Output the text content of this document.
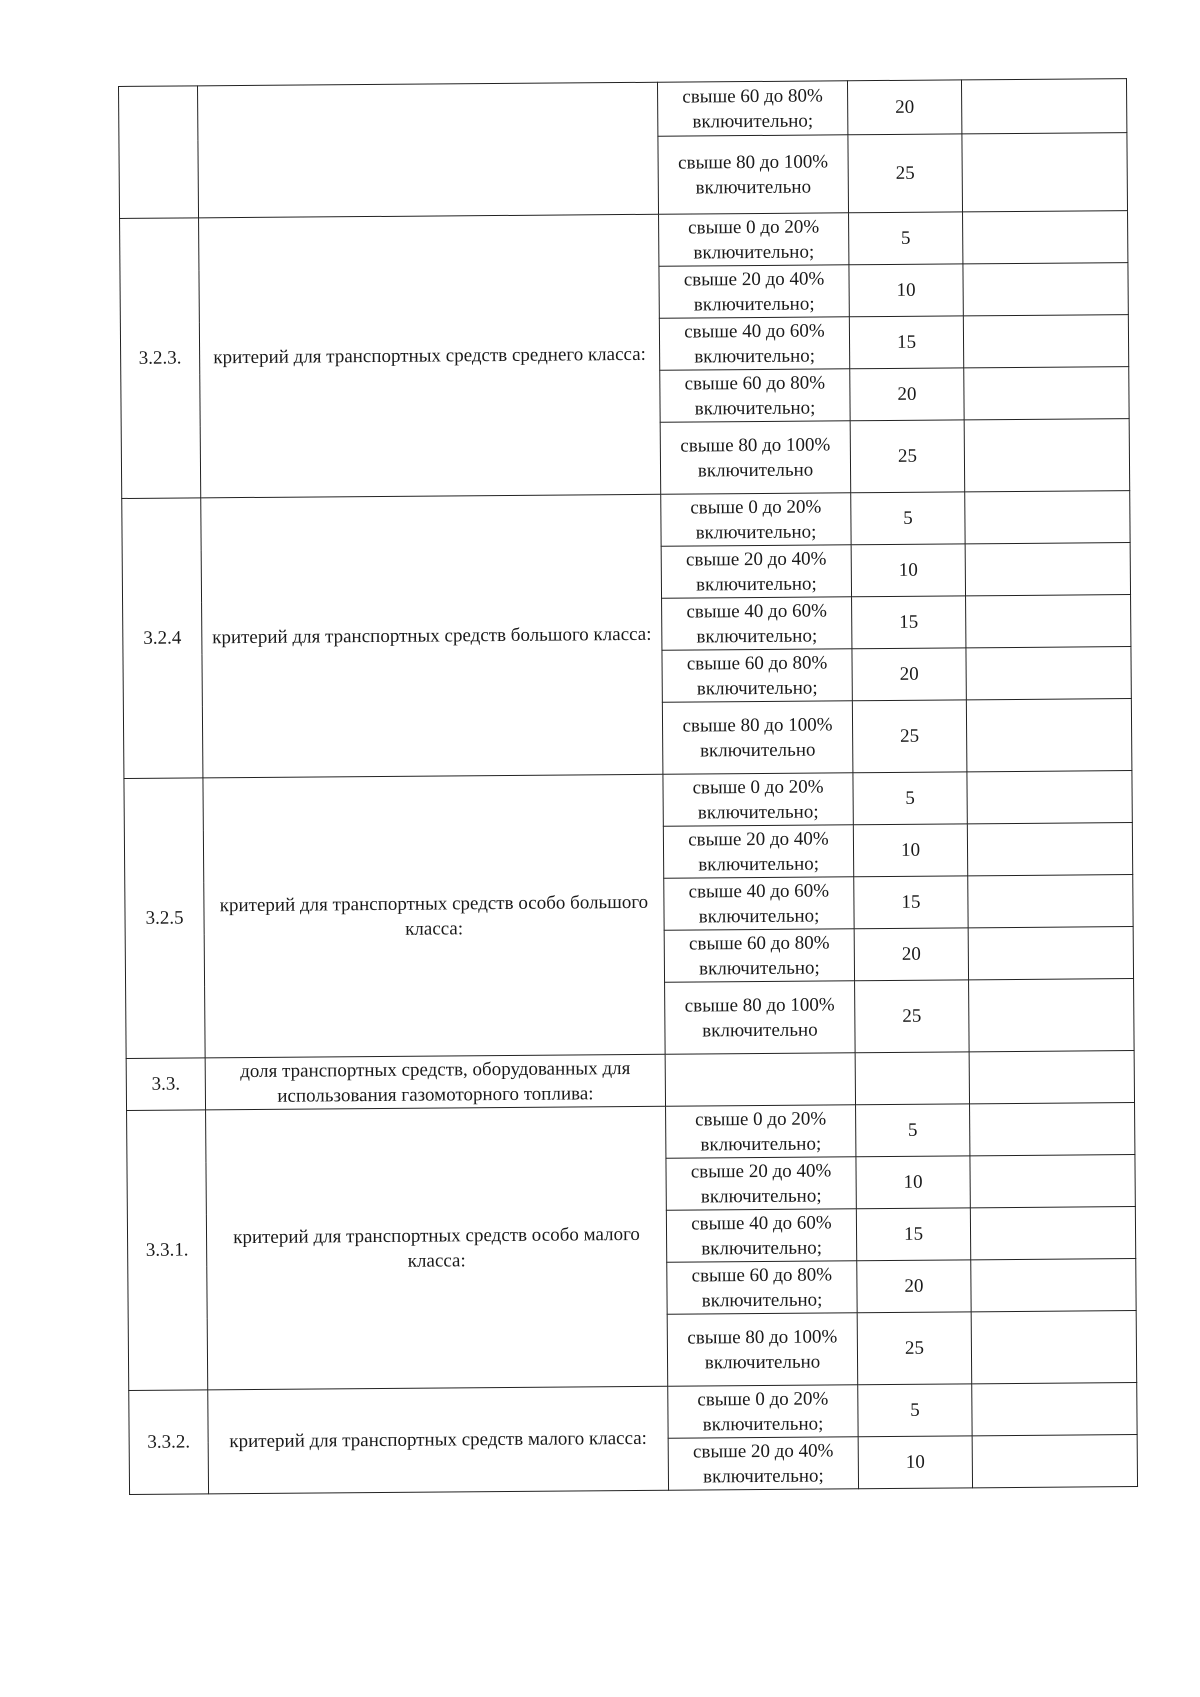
		свыше 60 до 80% включительно;	20	
		свыше 80 до 100% включительно	25	
3.2.3.	критерий для транспортных средств среднего класса:	свыше 0 до 20% включительно;	5	
		свыше 20 до 40% включительно;	10	
		свыше 40 до 60% включительно;	15	
		свыше 60 до 80% включительно;	20	
		свыше 80 до 100% включительно	25	
3.2.4	критерий для транспортных средств большого класса:	свыше 0 до 20% включительно;	5	
		свыше 20 до 40% включительно;	10	
		свыше 40 до 60% включительно;	15	
		свыше 60 до 80% включительно;	20	
		свыше 80 до 100% включительно	25	
3.2.5	критерий для транспортных средств особо большого класса:	свыше 0 до 20% включительно;	5	
		свыше 20 до 40% включительно;	10	
		свыше 40 до 60% включительно;	15	
		свыше 60 до 80% включительно;	20	
		свыше 80 до 100% включительно	25	
3.3.	доля транспортных средств, оборудованных для использования газомоторного топлива:			
3.3.1.	критерий для транспортных средств особо малого класса:	свыше 0 до 20% включительно;	5	
		свыше 20 до 40% включительно;	10	
		свыше 40 до 60% включительно;	15	
		свыше 60 до 80% включительно;	20	
		свыше 80 до 100% включительно	25	
3.3.2.	критерий для транспортных средств малого класса:	свыше 0 до 20% включительно;	5	
		свыше 20 до 40% включительно;	10	
